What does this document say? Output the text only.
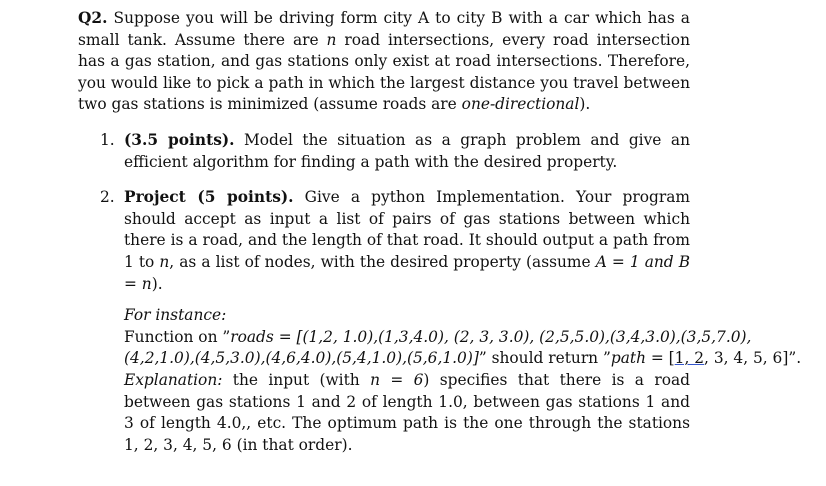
Q2. Suppose you will be driving form city A to city B with a car which has a small tank. Assume there are n road intersections, every road intersection has a gas station, and gas stations only exist at road intersections. Therefore, you would like to pick a path in which the largest distance you travel between two gas stations is minimized (assume roads are one-directional).

1. (3.5 points). Model the situation as a graph problem and give an efficient algorithm for finding a path with the desired property.
2. Project (5 points). Give a python Implementation. Your program should accept as input a list of pairs of gas stations between which there is a road, and the length of that road. It should output a path from 1 to n, as a list of nodes, with the desired property (assume A = 1 and B = n).
For instance:
Function on ”roads = [(1,2, 1.0),(1,3,4.0), (2, 3, 3.0), (2,5,5.0),(3,4,3.0),(3,5,7.0),
(4,2,1.0),(4,5,3.0),(4,6,4.0),(5,4,1.0),(5,6,1.0)]” should return ”path = [1, 2, 3, 4, 5, 6]”.
Explanation: the input (with n = 6) specifies that there is a road between gas stations 1 and 2 of length 1.0, between gas stations 1 and 3 of length 4.0,, etc. The optimum path is the one through the stations 1, 2, 3, 4, 5, 6 (in that order).
